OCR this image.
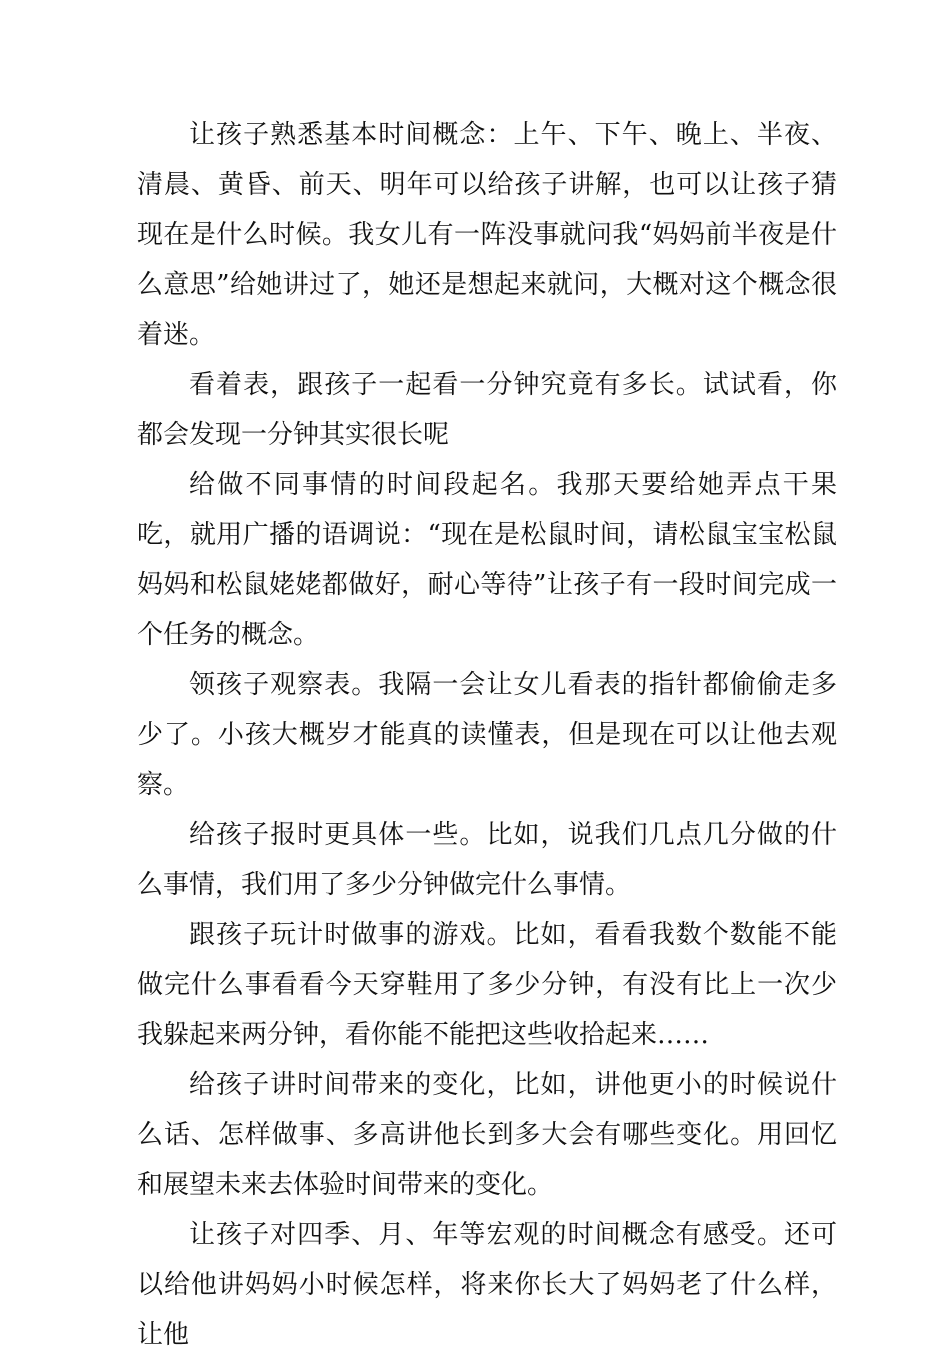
让孩子熟悉基本时间概念：上午、下午、晚上、半夜、清晨、黄昏、前天、明年可以给孩子讲解，也可以让孩子猜现在是什么时候。我女儿有一阵没事就问我“妈妈前半夜是什么意思”给她讲过了，她还是想起来就问，大概对这个概念很着迷。

看着表，跟孩子一起看一分钟究竟有多长。试试看，你都会发现一分钟其实很长呢

给做不同事情的时间段起名。我那天要给她弄点干果吃，就用广播的语调说：“现在是松鼠时间，请松鼠宝宝松鼠妈妈和松鼠姥姥都做好，耐心等待”让孩子有一段时间完成一个任务的概念。

领孩子观察表。我隔一会让女儿看表的指针都偷偷走多少了。小孩大概岁才能真的读懂表，但是现在可以让他去观察。

给孩子报时更具体一些。比如，说我们几点几分做的什么事情，我们用了多少分钟做完什么事情。

跟孩子玩计时做事的游戏。比如，看看我数个数能不能做完什么事看看今天穿鞋用了多少分钟，有没有比上一次少我躲起来两分钟，看你能不能把这些收拾起来……

给孩子讲时间带来的变化，比如，讲他更小的时候说什么话、怎样做事、多高讲他长到多大会有哪些变化。用回忆和展望未来去体验时间带来的变化。

让孩子对四季、月、年等宏观的时间概念有感受。还可以给他讲妈妈小时候怎样，将来你长大了妈妈老了什么样，让他
